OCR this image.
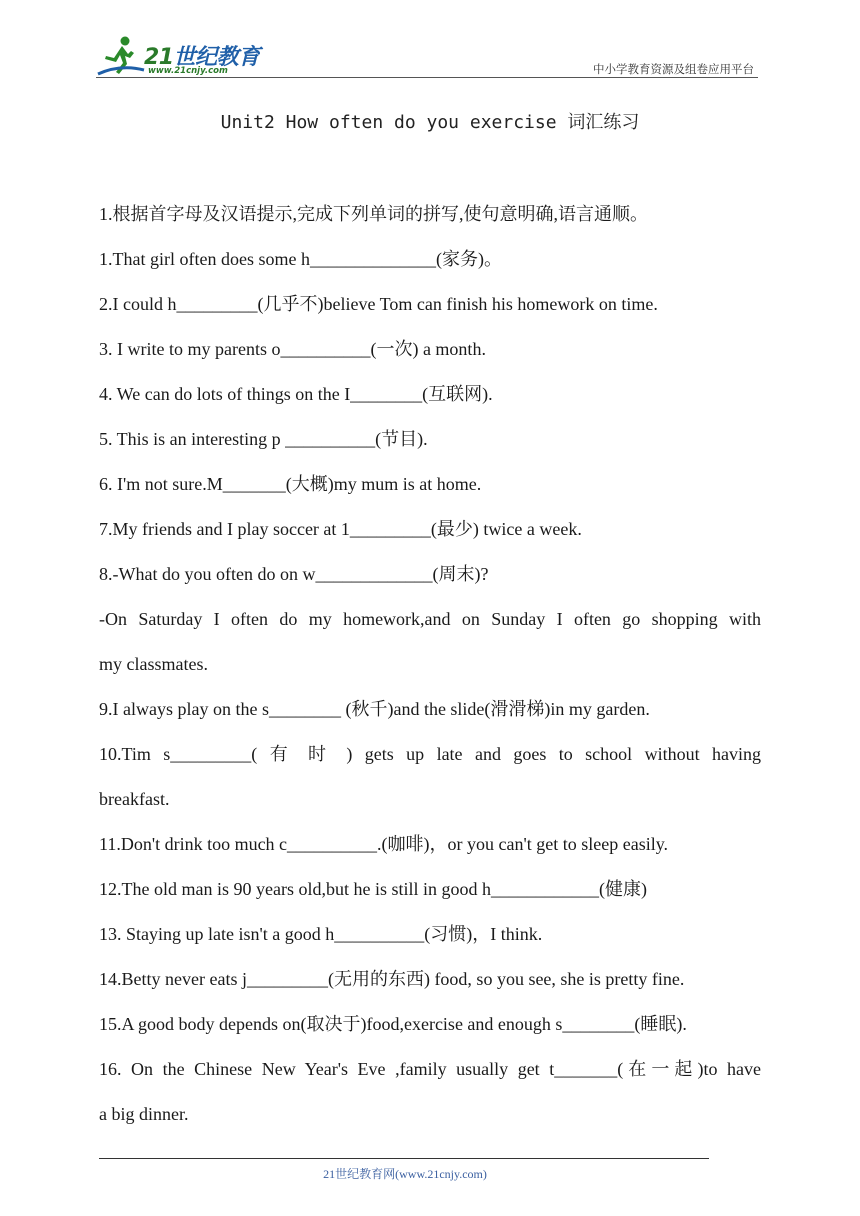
21世纪教育
www.21cnjy.com	中小学教育资源及组卷应用平台
Unit2 How often do you exercise 词汇练习
1.根据首字母及汉语提示,完成下列单词的拼写,使句意明确,语言通顺。
1.That girl often does some h______________(家务)。
2.I could h_________(几乎不)believe Tom can finish his homework on time.
3. I write to my parents o__________(一次) a month.
4. We can do lots of things on the I________(互联网).
5. This is an interesting p __________(节目).
6. I'm not sure.M_______(大概)my mum is at home.
7.My friends and I play soccer at 1_________(最少) twice a week.
8.-What do you often do on w_____________(周末)?
-On Saturday I often do my homework,and on Sunday I often go shopping with
my classmates.
9.I always play on the s________ (秋千)and the slide(滑滑梯)in my garden.
10.Tim s_________( 有 时 ) gets up late and goes to school without having
breakfast.
11.Don't drink too much c__________.(咖啡)，or you can't get to sleep easily.
12.The old man is 90 years old,but he is still in good h____________(健康)
13. Staying up late isn't a good h__________(习惯)，I think.
14.Betty never eats j_________(无用的东西) food, so you see, she is pretty fine.
15.A good body depends on(取决于)food,exercise and enough s________(睡眠).
16. On the Chinese New Year's Eve ,family usually get t_______(在一起)to have
a big dinner.
21世纪教育网(www.21cnjy.com)
